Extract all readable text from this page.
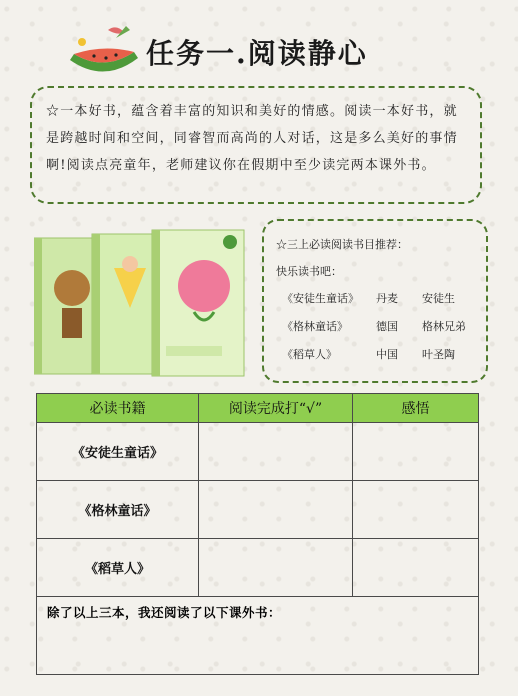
任务一.阅读静心

☆一本好书，蕴含着丰富的知识和美好的情感。阅读一本好书，就是跨越时间和空间，同睿智而高尚的人对话，这是多么美好的事情啊!阅读点亮童年，老师建议你在假期中至少读完两本课外书。

☆三上必读阅读书目推荐：
快乐读书吧：
《安徒生童话》	丹麦	安徒生
《格林童话》	德国	格林兄弟
《稻草人》	中国	叶圣陶
必读书籍	阅读完成打“√”	感悟
《安徒生童话》		
《格林童话》		
《稻草人》		
除了以上三本，我还阅读了以下课外书：		
